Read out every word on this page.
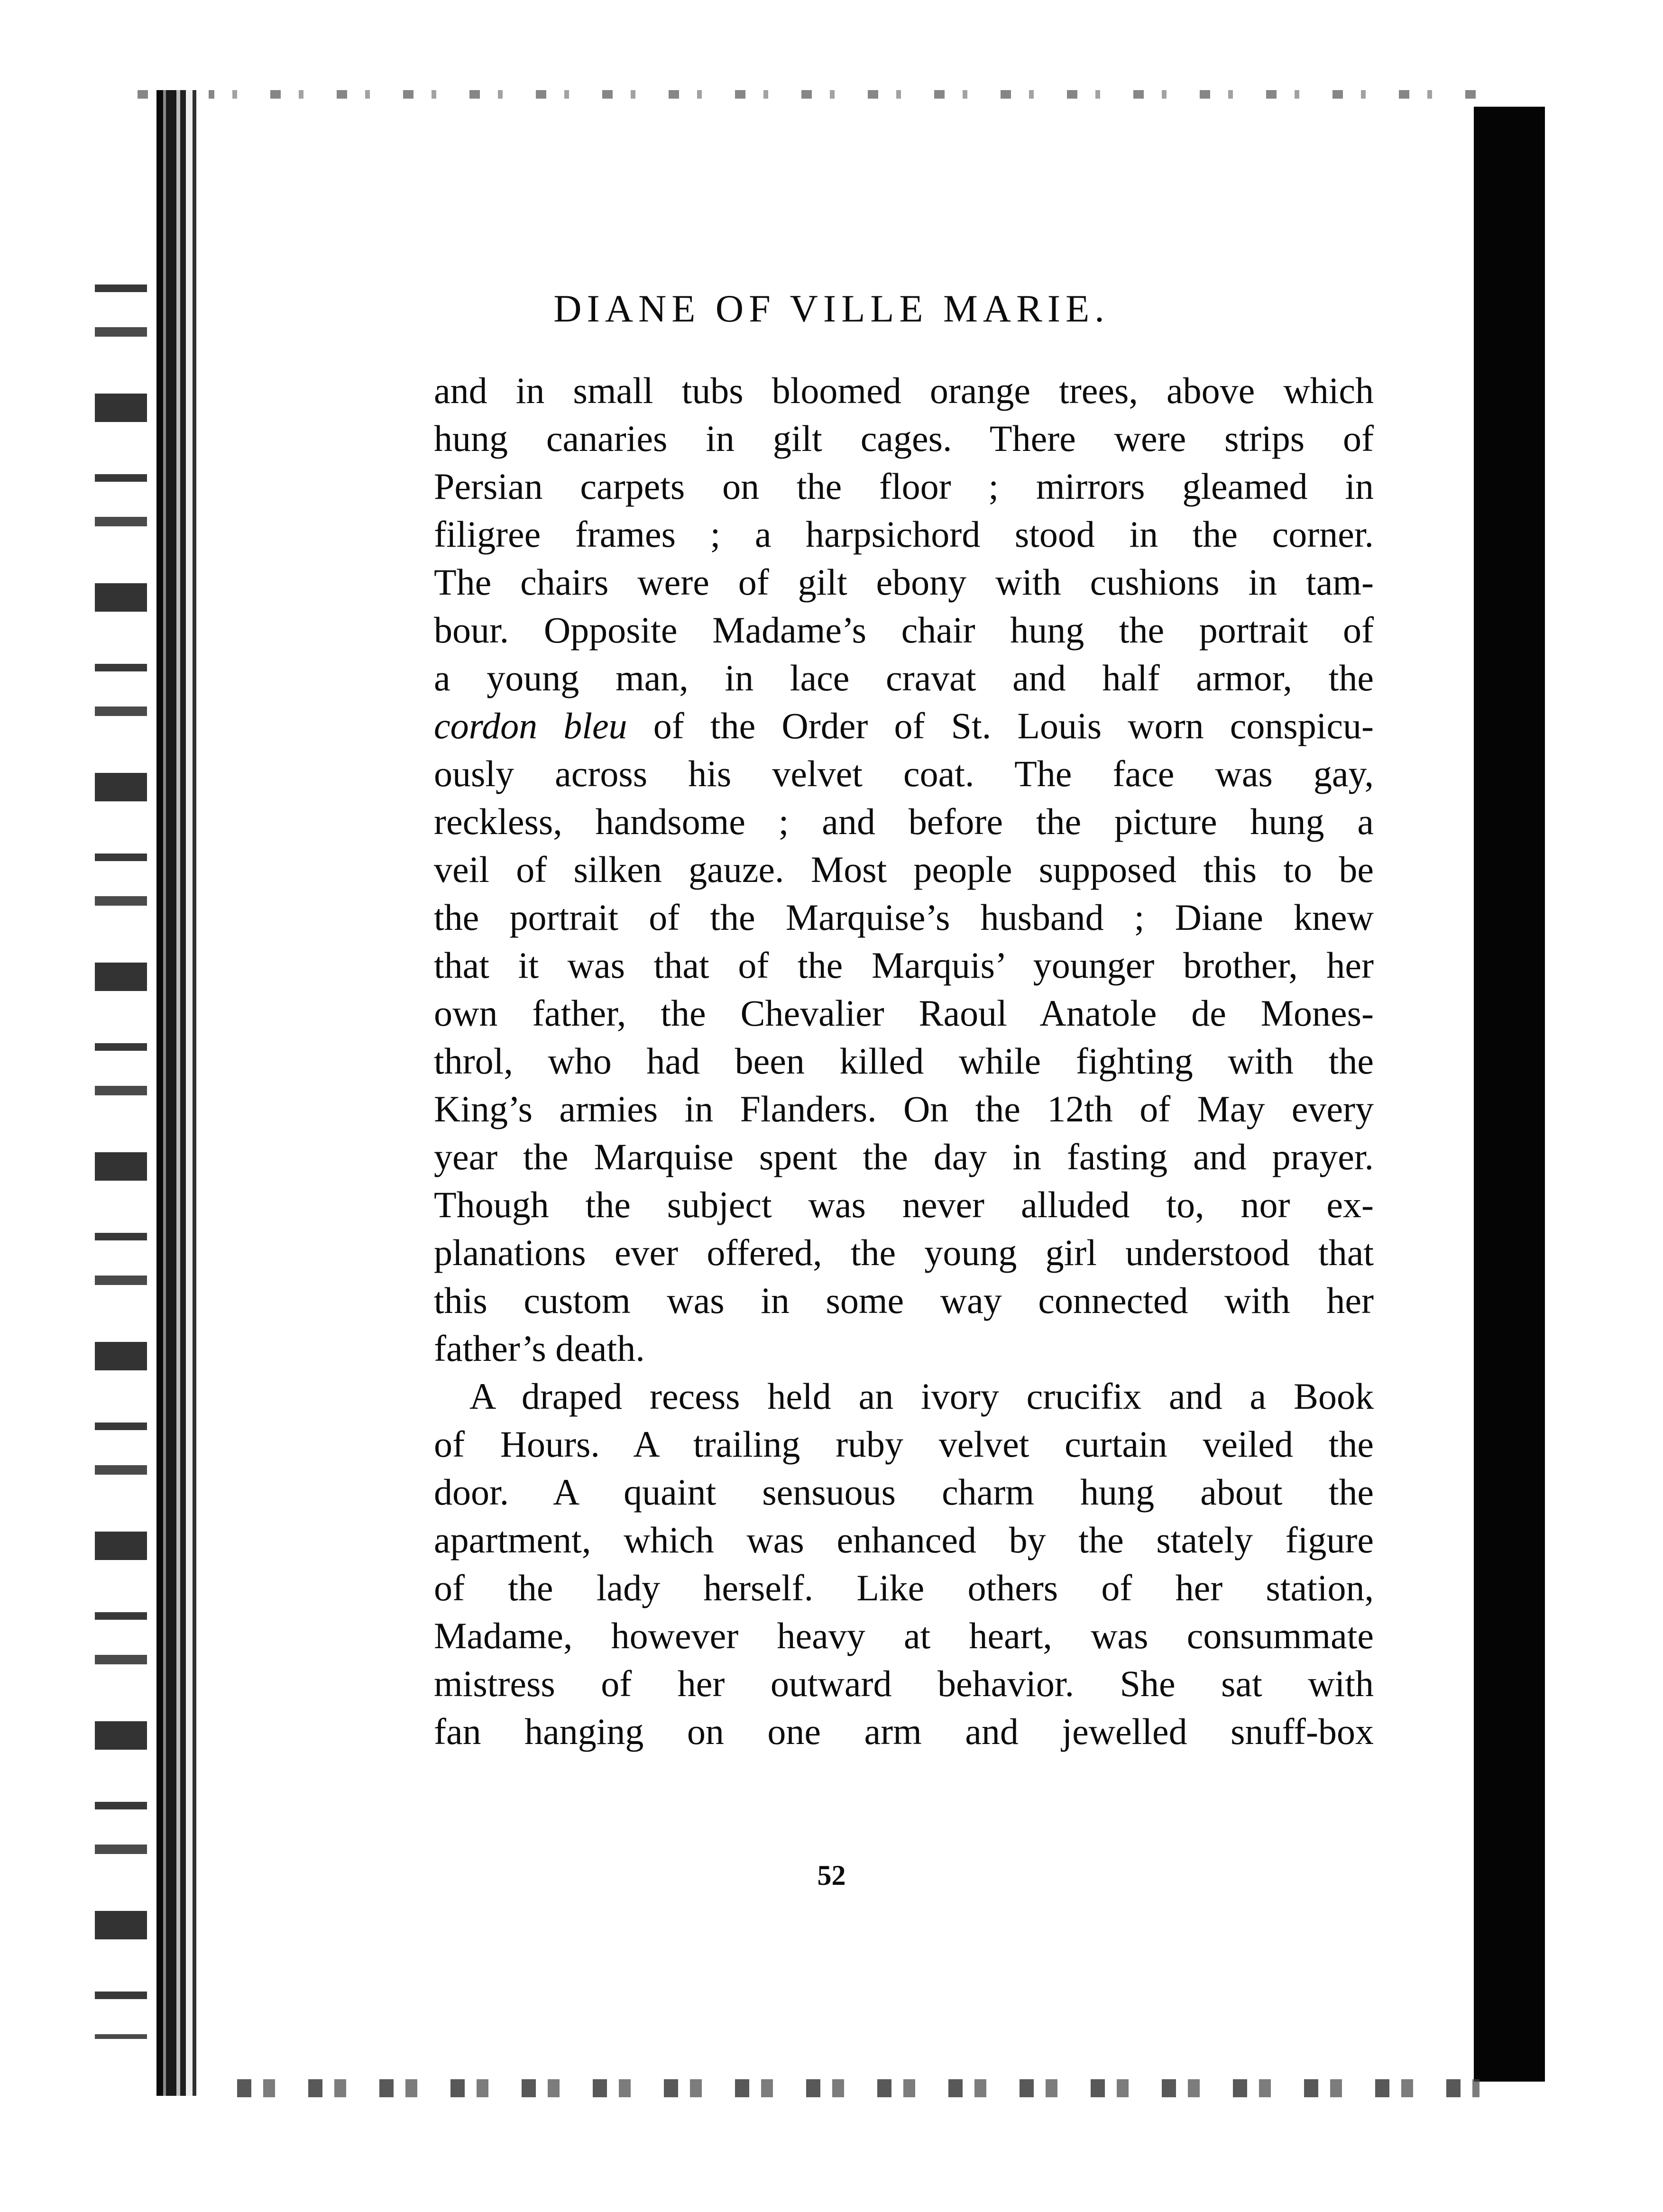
DIANE OF VILLE MARIE.
and in small tubs bloomed orange trees, above which
hung canaries in gilt cages. There were strips of
Persian carpets on the floor ; mirrors gleamed in
filigree frames ; a harpsichord stood in the corner.
The chairs were of gilt ebony with cushions in tam-
bour. Opposite Madame’s chair hung the portrait of
a young man, in lace cravat and half armor, the
cordon bleu of the Order of St. Louis worn conspicu-
ously across his velvet coat. The face was gay,
reckless, handsome ; and before the picture hung a
veil of silken gauze. Most people supposed this to be
the portrait of the Marquise’s husband ; Diane knew
that it was that of the Marquis’ younger brother, her
own father, the Chevalier Raoul Anatole de Mones-
throl, who had been killed while fighting with the
King’s armies in Flanders. On the 12th of May every
year the Marquise spent the day in fasting and prayer.
Though the subject was never alluded to, nor ex-
planations ever offered, the young girl understood that
this custom was in some way connected with her
father’s death.
A draped recess held an ivory crucifix and a Book
of Hours. A trailing ruby velvet curtain veiled the
door. A quaint sensuous charm hung about the
apartment, which was enhanced by the stately figure
of the lady herself. Like others of her station,
Madame, however heavy at heart, was consummate
mistress of her outward behavior. She sat with
fan hanging on one arm and jewelled snuff-box
52
